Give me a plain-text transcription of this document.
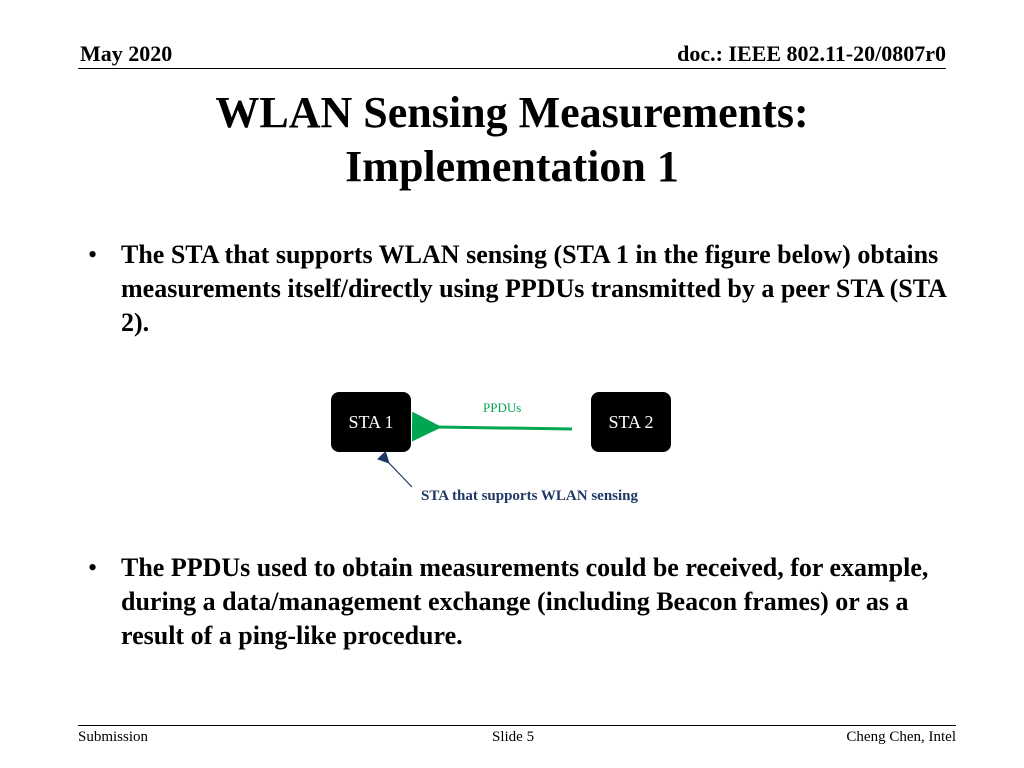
May 2020	doc.: IEEE 802.11-20/0807r0
WLAN Sensing Measurements:
Implementation 1
• The STA that supports WLAN sensing (STA 1 in the figure below) obtains measurements itself/directly using PPDUs transmitted by a peer STA (STA 2).
STA 1	STA 2
PPDUs
STA that supports WLAN sensing
• The PPDUs used to obtain measurements could be received, for example, during a data/management exchange (including Beacon frames) or as a result of a ping-like procedure.
Submission	Slide 5	Cheng Chen, Intel
